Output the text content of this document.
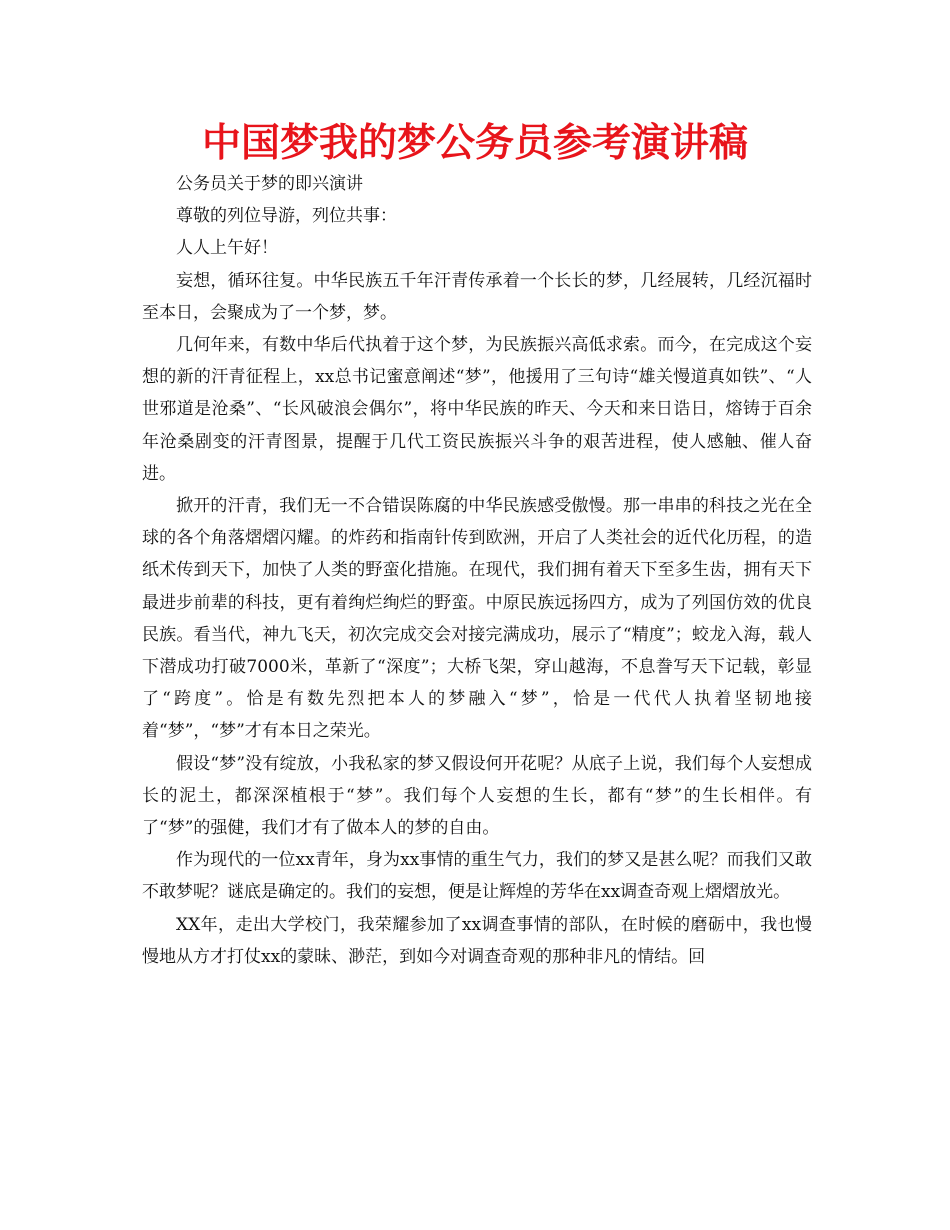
中国梦我的梦公务员参考演讲稿

公务员关于梦的即兴演讲

尊敬的列位导游，列位共事：

人人上午好！

妄想，循环往复。中华民族五千年汗青传承着一个长长的梦，几经展转，几经沉福时至本日，会聚成为了一个梦，梦。

几何年来，有数中华后代执着于这个梦，为民族振兴高低求索。而今，在完成这个妄想的新的汗青征程上，xx总书记蜜意阐述“梦”，他援用了三句诗“雄关慢道真如铁”、“人世邪道是沧桑”、“长风破浪会偶尔”，将中华民族的昨天、今天和来日诰日，熔铸于百余年沧桑剧变的汗青图景，提醒于几代工资民族振兴斗争的艰苦进程，使人感触、催人奋进。

掀开的汗青，我们无一不合错误陈腐的中华民族感受傲慢。那一串串的科技之光在全球的各个角落熠熠闪耀。的炸药和指南针传到欧洲，开启了人类社会的近代化历程，的造纸术传到天下，加快了人类的野蛮化措施。在现代，我们拥有着天下至多生齿，拥有天下最进步前辈的科技，更有着绚烂绚烂的野蛮。中原民族远扬四方，成为了列国仿效的优良民族。看当代，神九飞天，初次完成交会对接完满成功，展示了“精度”；蛟龙入海，载人下潜成功打破7000米，革新了“深度”；大桥飞架，穿山越海，不息誊写天下记载，彰显了“跨度”。恰是有数先烈把本人的梦融入“梦”，恰是一代代人执着坚韧地接着“梦”，“梦”才有本日之荣光。

假设“梦”没有绽放，小我私家的梦又假设何开花呢？从底子上说，我们每个人妄想成长的泥土，都深深植根于“梦”。我们每个人妄想的生长，都有“梦”的生长相伴。有了“梦”的强健，我们才有了做本人的梦的自由。

作为现代的一位xx青年，身为xx事情的重生气力，我们的梦又是甚么呢？而我们又敢不敢梦呢？谜底是确定的。我们的妄想，便是让辉煌的芳华在xx调查奇观上熠熠放光。

XX年，走出大学校门，我荣耀参加了xx调查事情的部队，在时候的磨砺中，我也慢慢地从方才打仗xx的蒙昧、渺茫，到如今对调查奇观的那种非凡的情结。回
